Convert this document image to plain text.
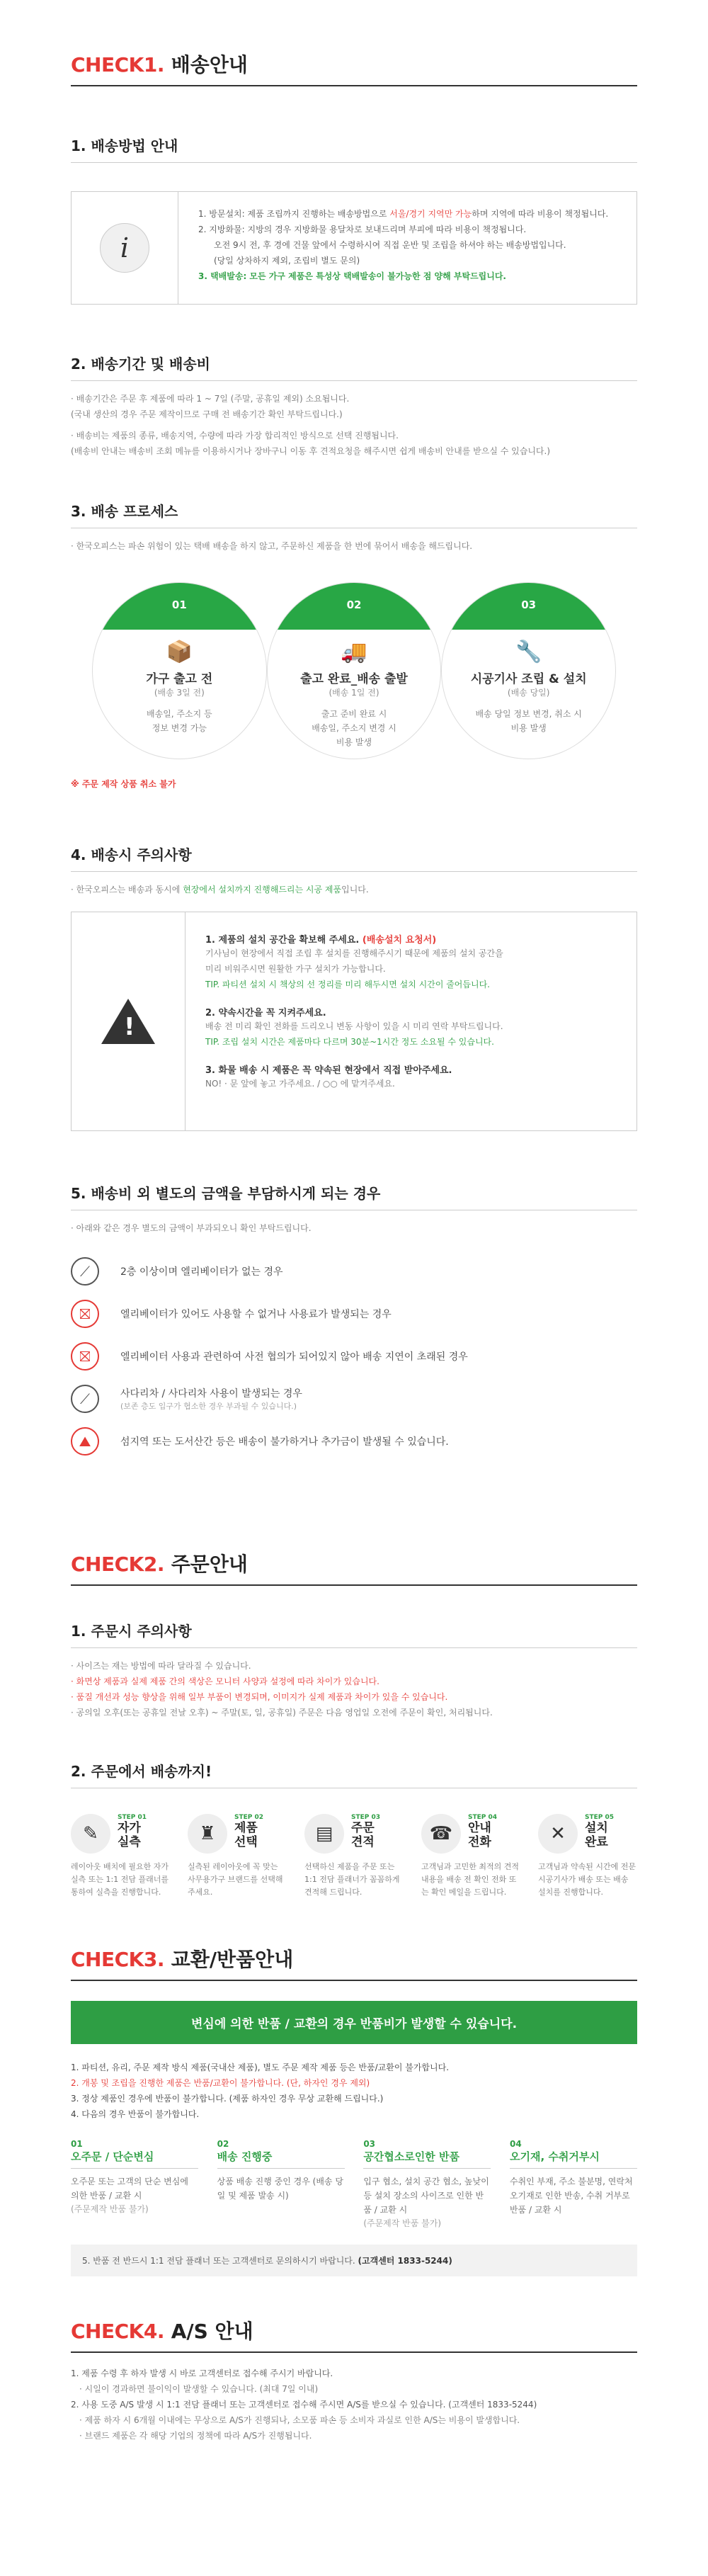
CHECK1. 배송안내
1. 배송방법 안내
i
1. 방문설치: 제품 조립까지 진행하는 배송방법으로 서울/경기 지역만 가능하며 지역에 따라 비용이 책정됩니다.
2. 지방화물: 지방의 경우 지방화물 용달차로 보내드리며 부피에 따라 비용이 책정됩니다.
오전 9시 전, 후 경에 건물 앞에서 수령하시여 직접 운반 및 조립을 하셔야 하는 배송방법입니다.
(당일 상차하지 제외, 조립비 별도 문의)
3. 택배발송: 모든 가구 제품은 특성상 택배발송이 불가능한 점 양해 부탁드립니다.
2. 배송기간 및 배송비
· 배송기간은 주문 후 제품에 따라 1 ~ 7일 (주말, 공휴일 제외) 소요됩니다.
(국내 생산의 경우 주문 제작이므로 구매 전 배송기간 확인 부탁드립니다.)
· 배송비는 제품의 종류, 배송지역, 수량에 따라 가장 합리적인 방식으로 선택 진행됩니다.
(배송비 안내는 배송비 조회 메뉴를 이용하시거나 장바구니 이동 후 견적요청을 해주시면 쉽게 배송비 안내를 받으실 수 있습니다.)
3. 배송 프로세스
· 한국오피스는 파손 위험이 있는 택배 배송을 하지 않고, 주문하신 제품을 한 번에 묶어서 배송을 해드립니다.
01
📦
가구 출고 전
(배송 3일 전)
배송일, 주소지 등
정보 변경 가능
02
🚚
출고 완료_배송 출발
(배송 1일 전)
출고 준비 완료 시
배송일, 주소지 변경 시
비용 발생
03
🔧
시공기사 조립 & 설치
(배송 당일)
배송 당일 정보 변경, 취소 시
비용 발생
※ 주문 제작 상품 취소 불가
4. 배송시 주의사항
· 한국오피스는 배송과 동시에 현장에서 설치까지 진행해드리는 시공 제품입니다.
!
1. 제품의 설치 공간을 확보해 주세요. (배송설치 요청서)
기사님이 현장에서 직접 조립 후 설치를 진행해주시기 때문에 제품의 설치 공간을
미리 비워주시면 원활한 가구 설치가 가능합니다.
TIP. 파티션 설치 시 책상의 선 정리를 미리 해두시면 설치 시간이 줄어듭니다.
2. 약속시간을 꼭 지켜주세요.
배송 전 미리 확인 전화를 드리오니 변동 사항이 있을 시 미리 연락 부탁드립니다.
TIP. 조립 설치 시간은 제품마다 다르며 30분~1시간 정도 소요될 수 있습니다.
3. 화물 배송 시 제품은 꼭 약속된 현장에서 직접 받아주세요.
NO! · 문 앞에 놓고 가주세요. / ○○ 에 맡겨주세요.
5. 배송비 외 별도의 금액을 부담하시게 되는 경우
· 아래와 같은 경우 별도의 금액이 부과되오니 확인 부탁드립니다.
⟋	2층 이상이며 엘리베이터가 없는 경우
⛝	엘리베이터가 있어도 사용할 수 없거나 사용료가 발생되는 경우
⛝	엘리베이터 사용과 관련하여 사전 협의가 되어있지 않아 배송 지연이 초래된 경우
⟋	사다리차 / 사다리차 사용이 발생되는 경우
(보존 층도 입구가 협소한 경우 부과될 수 있습니다.)
⛰	섬지역 또는 도서산간 등은 배송이 불가하거나 추가금이 발생될 수 있습니다.
CHECK2. 주문안내
1. 주문시 주의사항
· 사이즈는 재는 방법에 따라 달라질 수 있습니다.
· 화면상 제품과 실제 제품 간의 색상은 모니터 사양과 설정에 따라 차이가 있습니다.
· 품질 개선과 성능 향상을 위해 일부 부품이 변경되며, 이미지가 실제 제품과 차이가 있을 수 있습니다.
· 공의일 오후(또는 공휴일 전날 오후) ~ 주말(토, 일, 공휴일) 주문은 다음 영업일 오전에 주문이 확인, 처리됩니다.
2. 주문에서 배송까지!
✎
STEP 01
자가
실측
레이아웃 배치에 필요한 자가 실측 또는 1:1 전담 플래너를 통하여 실측을 진행합니다.
♜
STEP 02
제품
선택
실측된 레이아웃에 꼭 맞는 사무용가구 브랜드를 선택해 주세요.
▤
STEP 03
주문
견적
선택하신 제품을 주문 또는 1:1 전담 플래너가 꼼꼼하게 견적해 드립니다.
☎
STEP 04
안내
전화
고객님과 고민한 최적의 견적내용을 배송 전 확인 전화 또는 확인 메일을 드립니다.
✕
STEP 05
설치
완료
고객님과 약속된 시간에 전문 시공기사가 배송 또는 배송 설치를 진행합니다.
CHECK3. 교환/반품안내
변심에 의한 반품 / 교환의 경우 반품비가 발생할 수 있습니다.
1. 파티션, 유리, 주문 제작 방식 제품(국내산 제품), 별도 주문 제작 제품 등은 반품/교환이 불가합니다.
2. 개봉 및 조립을 진행한 제품은 반품/교환이 불가합니다. (단, 하자인 경우 제외)
3. 정상 제품인 경우에 반품이 불가합니다. (제품 하자인 경우 무상 교환해 드립니다.)
4. 다음의 경우 반품이 불가합니다.
01
오주문 / 단순변심
오주문 또는 고객의 단순 변심에 의한 반품 / 교환 시
(주문제작 반품 불가)
02
배송 진행중
상품 배송 진행 중인 경우 (배송 당일 및 제품 발송 시)
03
공간협소로인한 반품
입구 협소, 설치 공간 협소, 높낮이 등 설치 장소의 사이즈로 인한 반품 / 교환 시
(주문제작 반품 불가)
04
오기재, 수취거부시
수취인 부재, 주소 불분명, 연락처 오기재로 인한 반송, 수취 거부로 반품 / 교환 시
5. 반품 전 반드시 1:1 전담 플래너 또는 고객센터로 문의하시기 바랍니다. (고객센터 1833-5244)
CHECK4. A/S 안내
1. 제품 수령 후 하자 발생 시 바로 고객센터로 접수해 주시기 바랍니다.
· 시일이 경과하면 불이익이 발생할 수 있습니다. (최대 7일 이내)
2. 사용 도중 A/S 발생 시 1:1 전담 플래너 또는 고객센터로 접수해 주시면 A/S를 받으실 수 있습니다. (고객센터 1833-5244)
· 제품 하자 시 6개월 이내에는 무상으로 A/S가 진행되나, 소모품 파손 등 소비자 과실로 인한 A/S는 비용이 발생합니다.
· 브랜드 제품은 각 해당 기업의 정책에 따라 A/S가 진행됩니다.
